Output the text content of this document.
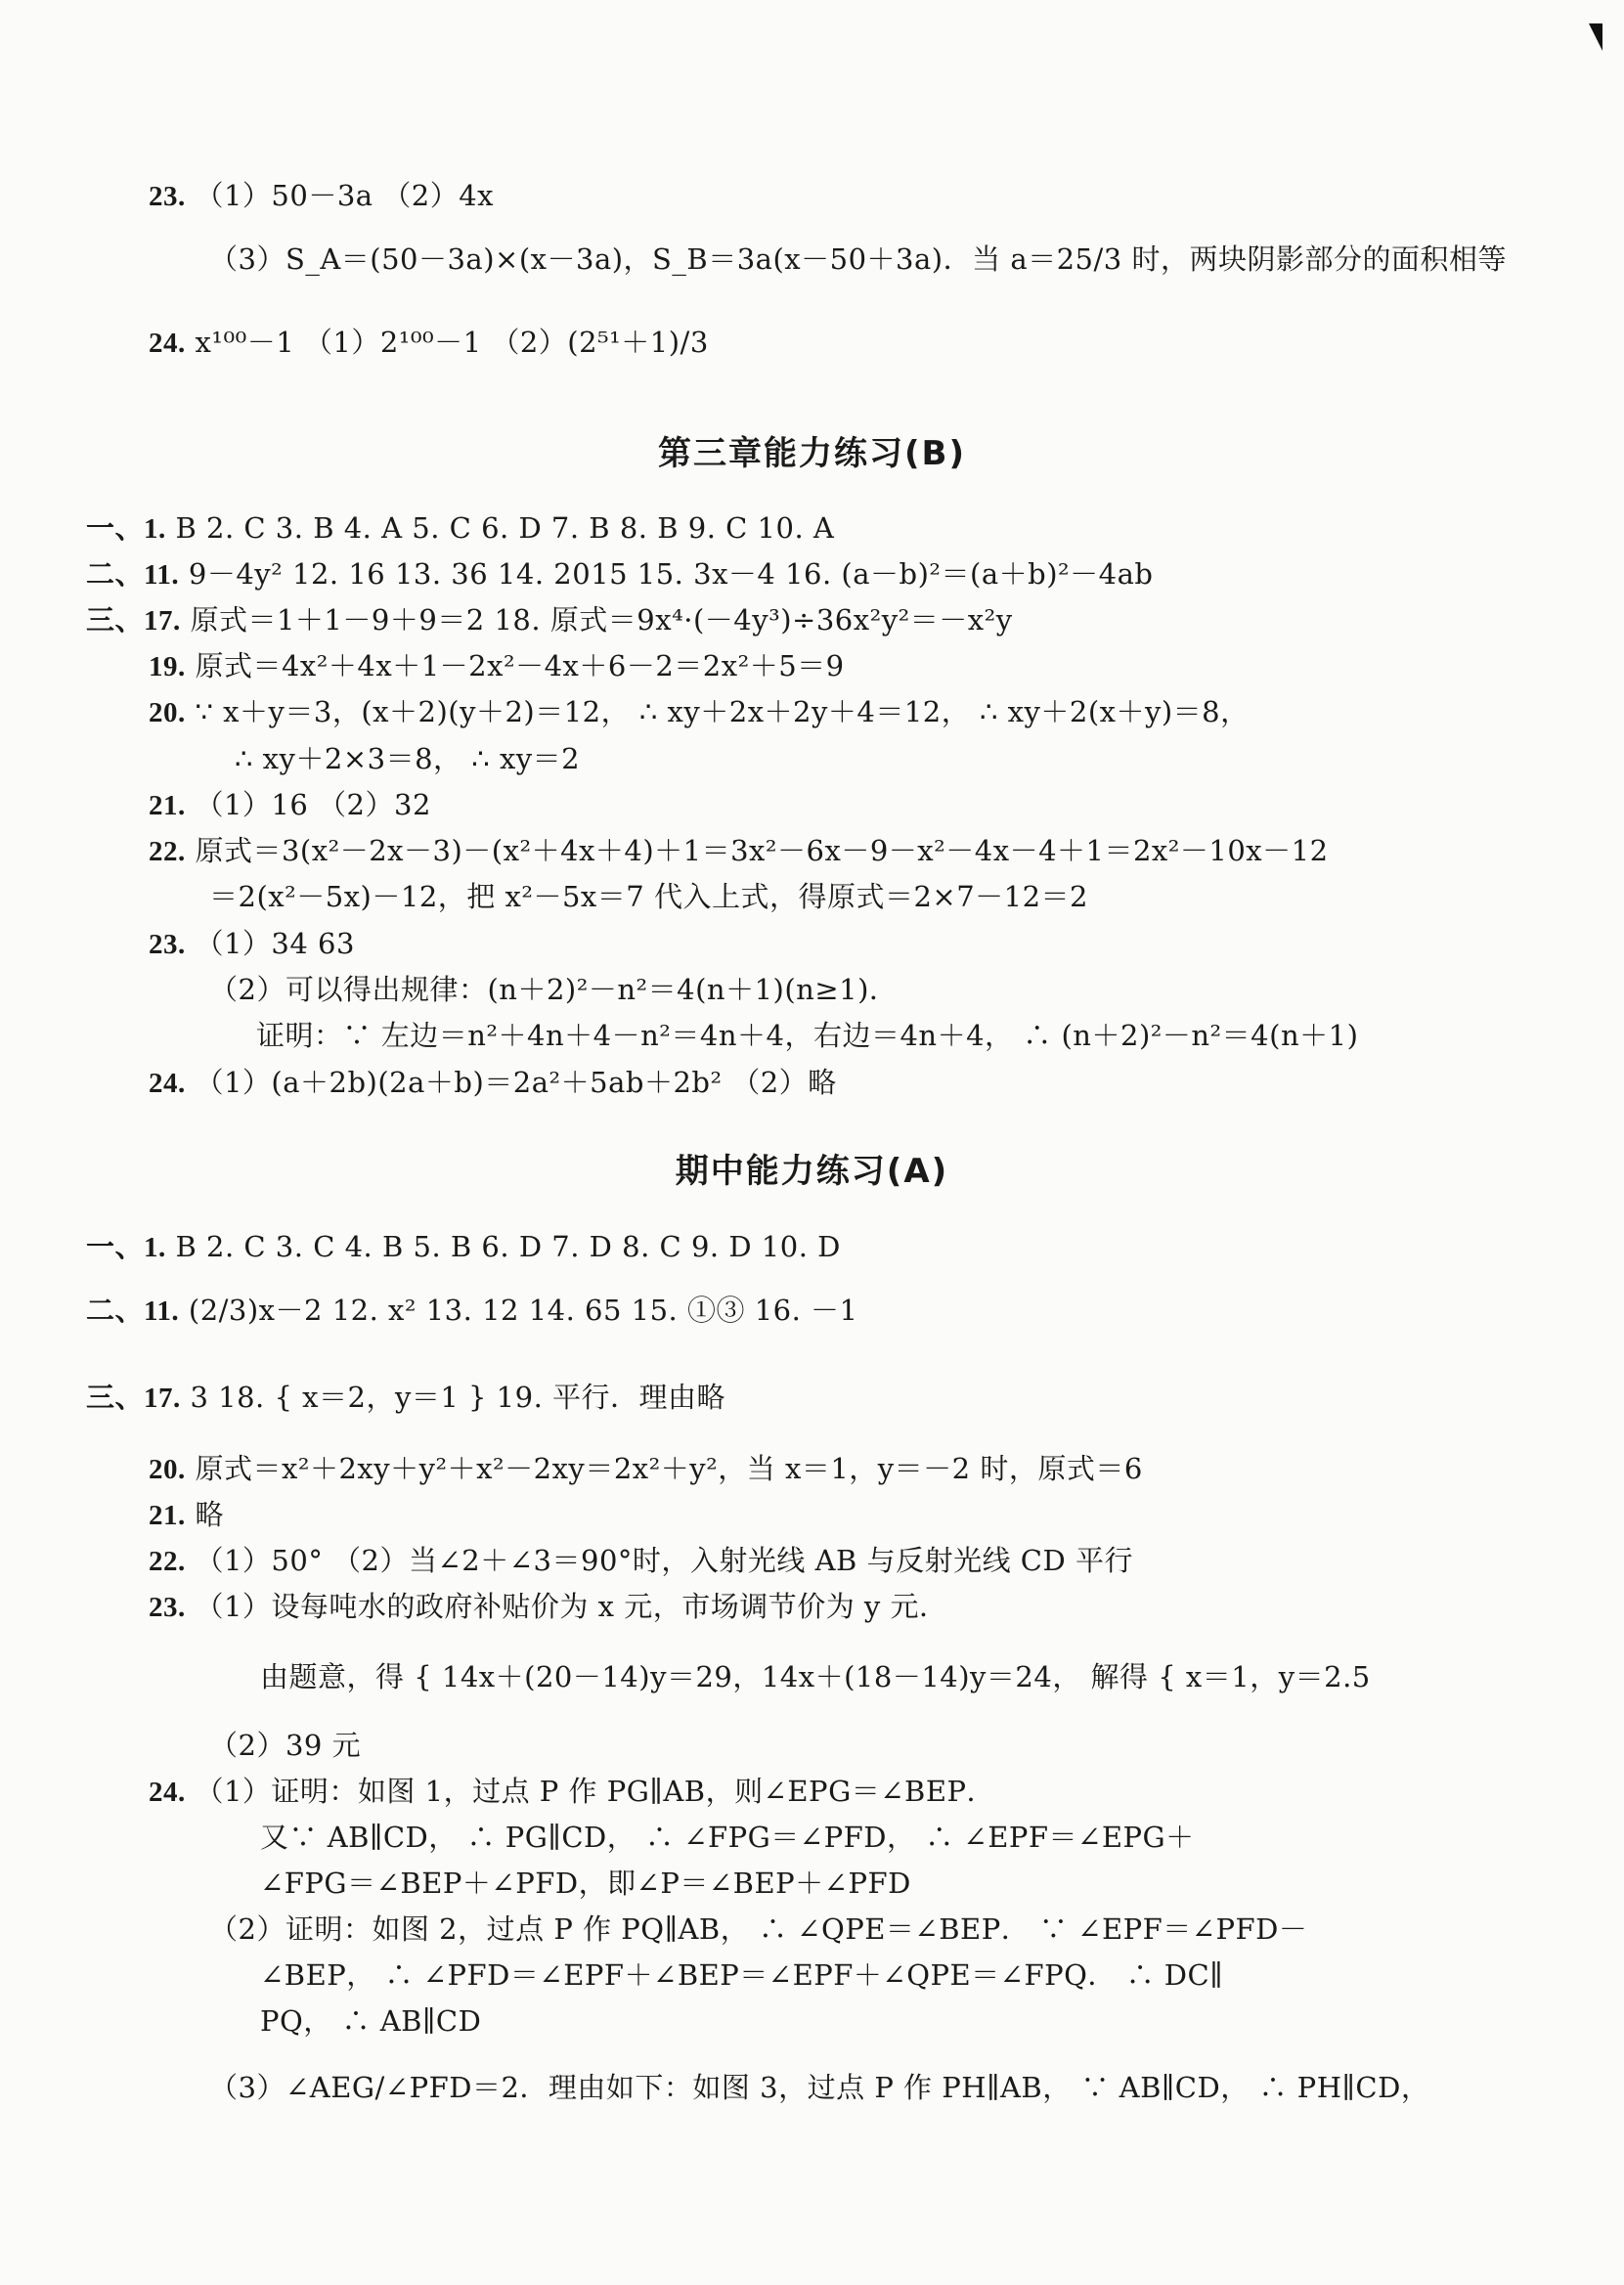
23. （1）50－3a （2）4x
（3）S_A＝(50－3a)×(x－3a)，S_B＝3a(x－50＋3a)．当 a＝25/3 时，两块阴影部分的面积相等
24. x¹⁰⁰－1 （1）2¹⁰⁰－1 （2）(2⁵¹＋1)/3
第三章能力练习(B)
一、1. B 2. C 3. B 4. A 5. C 6. D 7. B 8. B 9. C 10. A
二、11. 9－4y² 12. 16 13. 36 14. 2015 15. 3x－4 16. (a－b)²＝(a＋b)²－4ab
三、17. 原式＝1＋1－9＋9＝2 18. 原式＝9x⁴·(－4y³)÷36x²y²＝－x²y
19. 原式＝4x²＋4x＋1－2x²－4x＋6－2＝2x²＋5＝9
20. ∵ x＋y＝3，(x＋2)(y＋2)＝12， ∴ xy＋2x＋2y＋4＝12， ∴ xy＋2(x＋y)＝8，
∴ xy＋2×3＝8， ∴ xy＝2
21. （1）16 （2）32
22. 原式＝3(x²－2x－3)－(x²＋4x＋4)＋1＝3x²－6x－9－x²－4x－4＋1＝2x²－10x－12
＝2(x²－5x)－12，把 x²－5x＝7 代入上式，得原式＝2×7－12＝2
23. （1）34 63
（2）可以得出规律：(n＋2)²－n²＝4(n＋1)(n≥1)．
证明：∵ 左边＝n²＋4n＋4－n²＝4n＋4，右边＝4n＋4， ∴ (n＋2)²－n²＝4(n＋1)
24. （1）(a＋2b)(2a＋b)＝2a²＋5ab＋2b² （2）略
期中能力练习(A)
一、1. B 2. C 3. C 4. B 5. B 6. D 7. D 8. C 9. D 10. D
二、11. (2/3)x－2 12. x² 13. 12 14. 65 15. ①③ 16. －1
三、17. 3 18. { x＝2，y＝1 } 19. 平行．理由略
20. 原式＝x²＋2xy＋y²＋x²－2xy＝2x²＋y²，当 x＝1，y＝－2 时，原式＝6
21. 略
22. （1）50° （2）当∠2＋∠3＝90°时，入射光线 AB 与反射光线 CD 平行
23. （1）设每吨水的政府补贴价为 x 元，市场调节价为 y 元．
由题意，得 { 14x＋(20－14)y＝29，14x＋(18－14)y＝24， 解得 { x＝1，y＝2.5
（2）39 元
24. （1）证明：如图 1，过点 P 作 PG∥AB，则∠EPG＝∠BEP．
又∵ AB∥CD， ∴ PG∥CD， ∴ ∠FPG＝∠PFD， ∴ ∠EPF＝∠EPG＋
∠FPG＝∠BEP＋∠PFD，即∠P＝∠BEP＋∠PFD
（2）证明：如图 2，过点 P 作 PQ∥AB， ∴ ∠QPE＝∠BEP． ∵ ∠EPF＝∠PFD－
∠BEP， ∴ ∠PFD＝∠EPF＋∠BEP＝∠EPF＋∠QPE＝∠FPQ． ∴ DC∥
PQ， ∴ AB∥CD
（3）∠AEG/∠PFD＝2．理由如下：如图 3，过点 P 作 PH∥AB， ∵ AB∥CD， ∴ PH∥CD，
